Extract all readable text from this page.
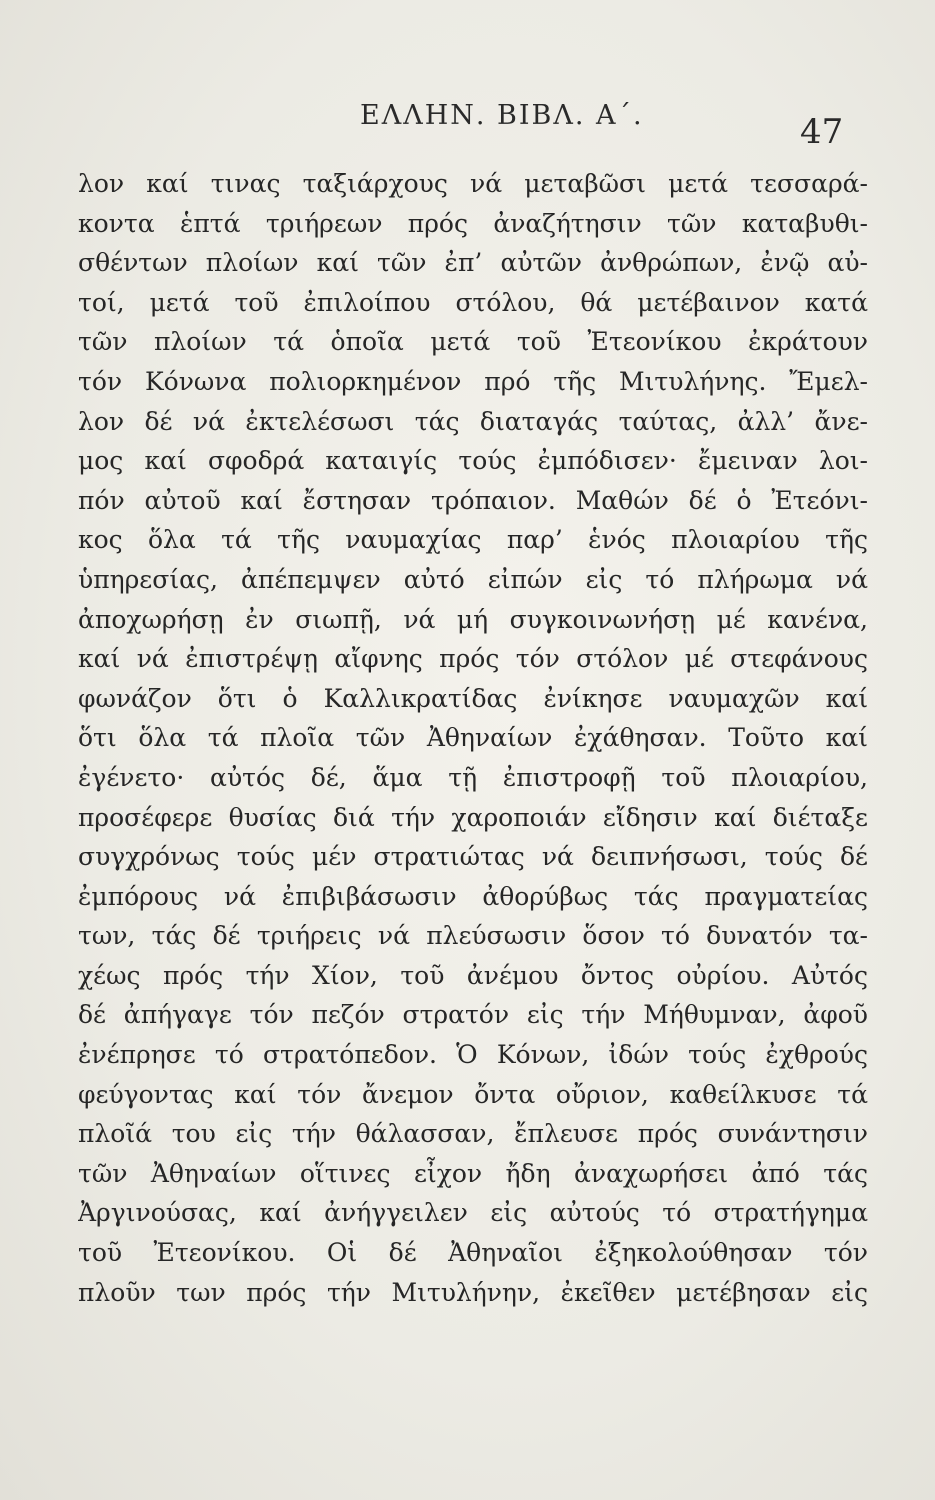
ΕΛΛΗΝ. ΒΙΒΛ. Α΄.	47
λον καί τινας ταξιάρχους νά μεταβῶσι μετά τεσσαρά-
κοντα ἑπτά τριήρεων πρός ἀναζήτησιν τῶν καταβυθι-
σθέντων πλοίων καί τῶν ἐπ’ αὐτῶν ἀνθρώπων, ἐνῷ αὐ-
τοί, μετά τοῦ ἐπιλοίπου στόλου, θά μετέβαινον κατά
τῶν πλοίων τά ὁποῖα μετά τοῦ Ἐτεονίκου ἐκράτουν
τόν Κόνωνα πολιορκημένον πρό τῆς Μιτυλήνης. Ἔμελ-
λον δέ νά ἐκτελέσωσι τάς διαταγάς ταύτας, ἀλλ’ ἄνε-
μος καί σφοδρά καταιγίς τούς ἐμπόδισεν· ἔμειναν λοι-
πόν αὐτοῦ καί ἔστησαν τρόπαιον. Μαθών δέ ὁ Ἐτεόνι-
κος ὅλα τά τῆς ναυμαχίας παρ’ ἑνός πλοιαρίου τῆς
ὑπηρεσίας, ἀπέπεμψεν αὐτό εἰπών εἰς τό πλήρωμα νά
ἀποχωρήσῃ ἐν σιωπῇ, νά μή συγκοινωνήσῃ μέ κανένα,
καί νά ἐπιστρέψῃ αἴφνης πρός τόν στόλον μέ στεφάνους
φωνάζον ὅτι ὁ Καλλικρατίδας ἐνίκησε ναυμαχῶν καί
ὅτι ὅλα τά πλοῖα τῶν Ἀθηναίων ἐχάθησαν. Τοῦτο καί
ἐγένετο· αὐτός δέ, ἅμα τῇ ἐπιστροφῇ τοῦ πλοιαρίου,
προσέφερε θυσίας διά τήν χαροποιάν εἴδησιν καί διέταξε
συγχρόνως τούς μέν στρατιώτας νά δειπνήσωσι, τούς δέ
ἐμπόρους νά ἐπιβιβάσωσιν ἀθορύβως τάς πραγματείας
των, τάς δέ τριήρεις νά πλεύσωσιν ὅσον τό δυνατόν τα-
χέως πρός τήν Χίον, τοῦ ἀνέμου ὄντος οὐρίου. Αὐτός
δέ ἀπήγαγε τόν πεζόν στρατόν εἰς τήν Μήθυμναν, ἀφοῦ
ἐνέπρησε τό στρατόπεδον. Ὁ Κόνων, ἰδών τούς ἐχθρούς
φεύγοντας καί τόν ἄνεμον ὄντα οὔριον, καθείλκυσε τά
πλοῖά του εἰς τήν θάλασσαν, ἔπλευσε πρός συνάντησιν
τῶν Ἀθηναίων οἵτινες εἶχον ἤδη ἀναχωρήσει ἀπό τάς
Ἀργινούσας, καί ἀνήγγειλεν εἰς αὐτούς τό στρατήγημα
τοῦ Ἐτεονίκου. Οἱ δέ Ἀθηναῖοι ἐξηκολούθησαν τόν
πλοῦν των πρός τήν Μιτυλήνην, ἐκεῖθεν μετέβησαν εἰς
